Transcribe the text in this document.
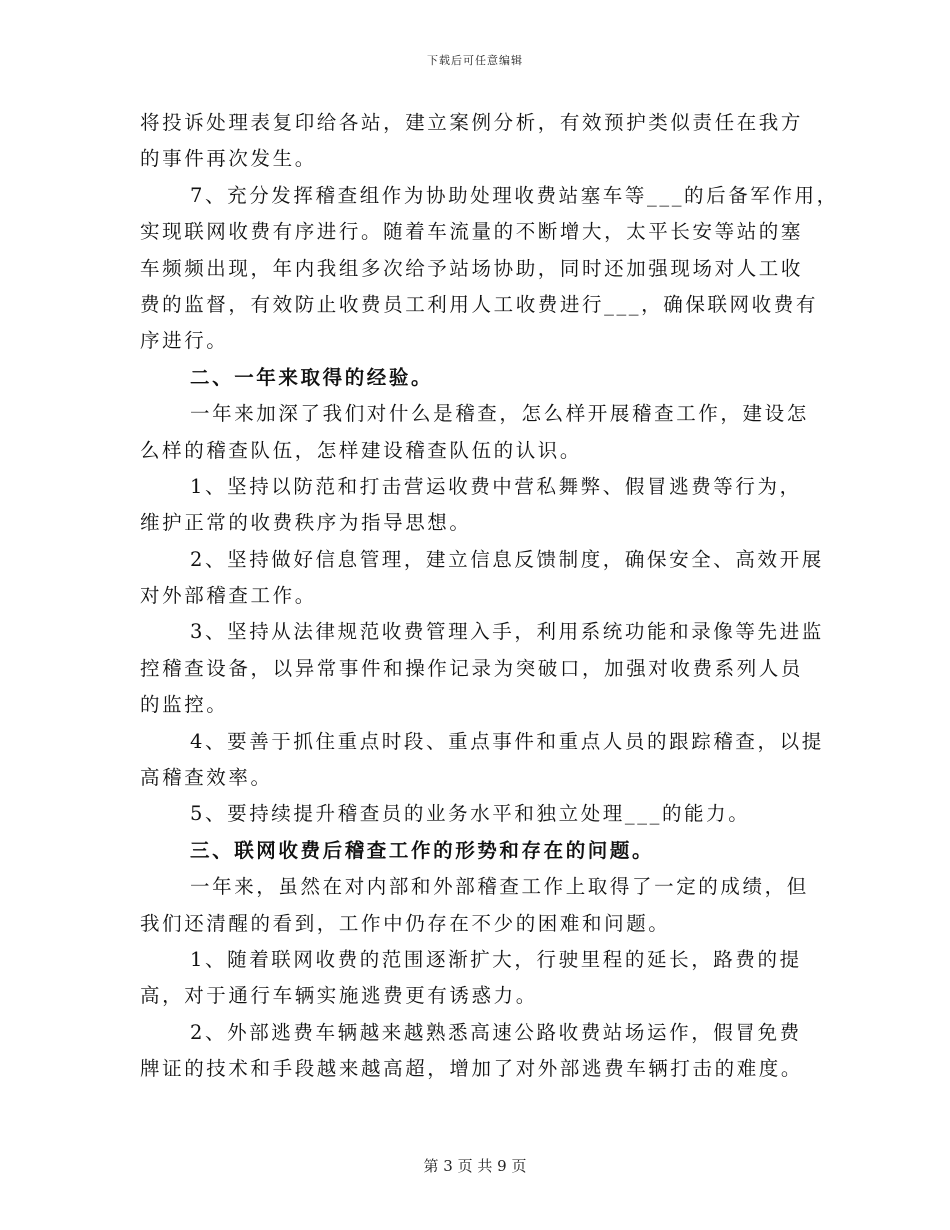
下载后可任意编辑
将投诉处理表复印给各站，建立案例分析，有效预护类似责任在我方
的事件再次发生。
7、充分发挥稽查组作为协助处理收费站塞车等___的后备军作用，
实现联网收费有序进行。随着车流量的不断增大，太平长安等站的塞
车频频出现，年内我组多次给予站场协助，同时还加强现场对人工收
费的监督，有效防止收费员工利用人工收费进行___，确保联网收费有
序进行。
二、一年来取得的经验。
一年来加深了我们对什么是稽查，怎么样开展稽查工作，建设怎
么样的稽查队伍，怎样建设稽查队伍的认识。
1、坚持以防范和打击营运收费中营私舞弊、假冒逃费等行为，
维护正常的收费秩序为指导思想。
2、坚持做好信息管理，建立信息反馈制度，确保安全、高效开展
对外部稽查工作。
3、坚持从法律规范收费管理入手，利用系统功能和录像等先进监
控稽查设备，以异常事件和操作记录为突破口，加强对收费系列人员
的监控。
4、要善于抓住重点时段、重点事件和重点人员的跟踪稽查，以提
高稽查效率。
5、要持续提升稽查员的业务水平和独立处理___的能力。
三、联网收费后稽查工作的形势和存在的问题。
一年来，虽然在对内部和外部稽查工作上取得了一定的成绩，但
我们还清醒的看到，工作中仍存在不少的困难和问题。
1、随着联网收费的范围逐渐扩大，行驶里程的延长，路费的提
高，对于通行车辆实施逃费更有诱惑力。
2、外部逃费车辆越来越熟悉高速公路收费站场运作，假冒免费
牌证的技术和手段越来越高超，增加了对外部逃费车辆打击的难度。
第 3 页 共 9 页
